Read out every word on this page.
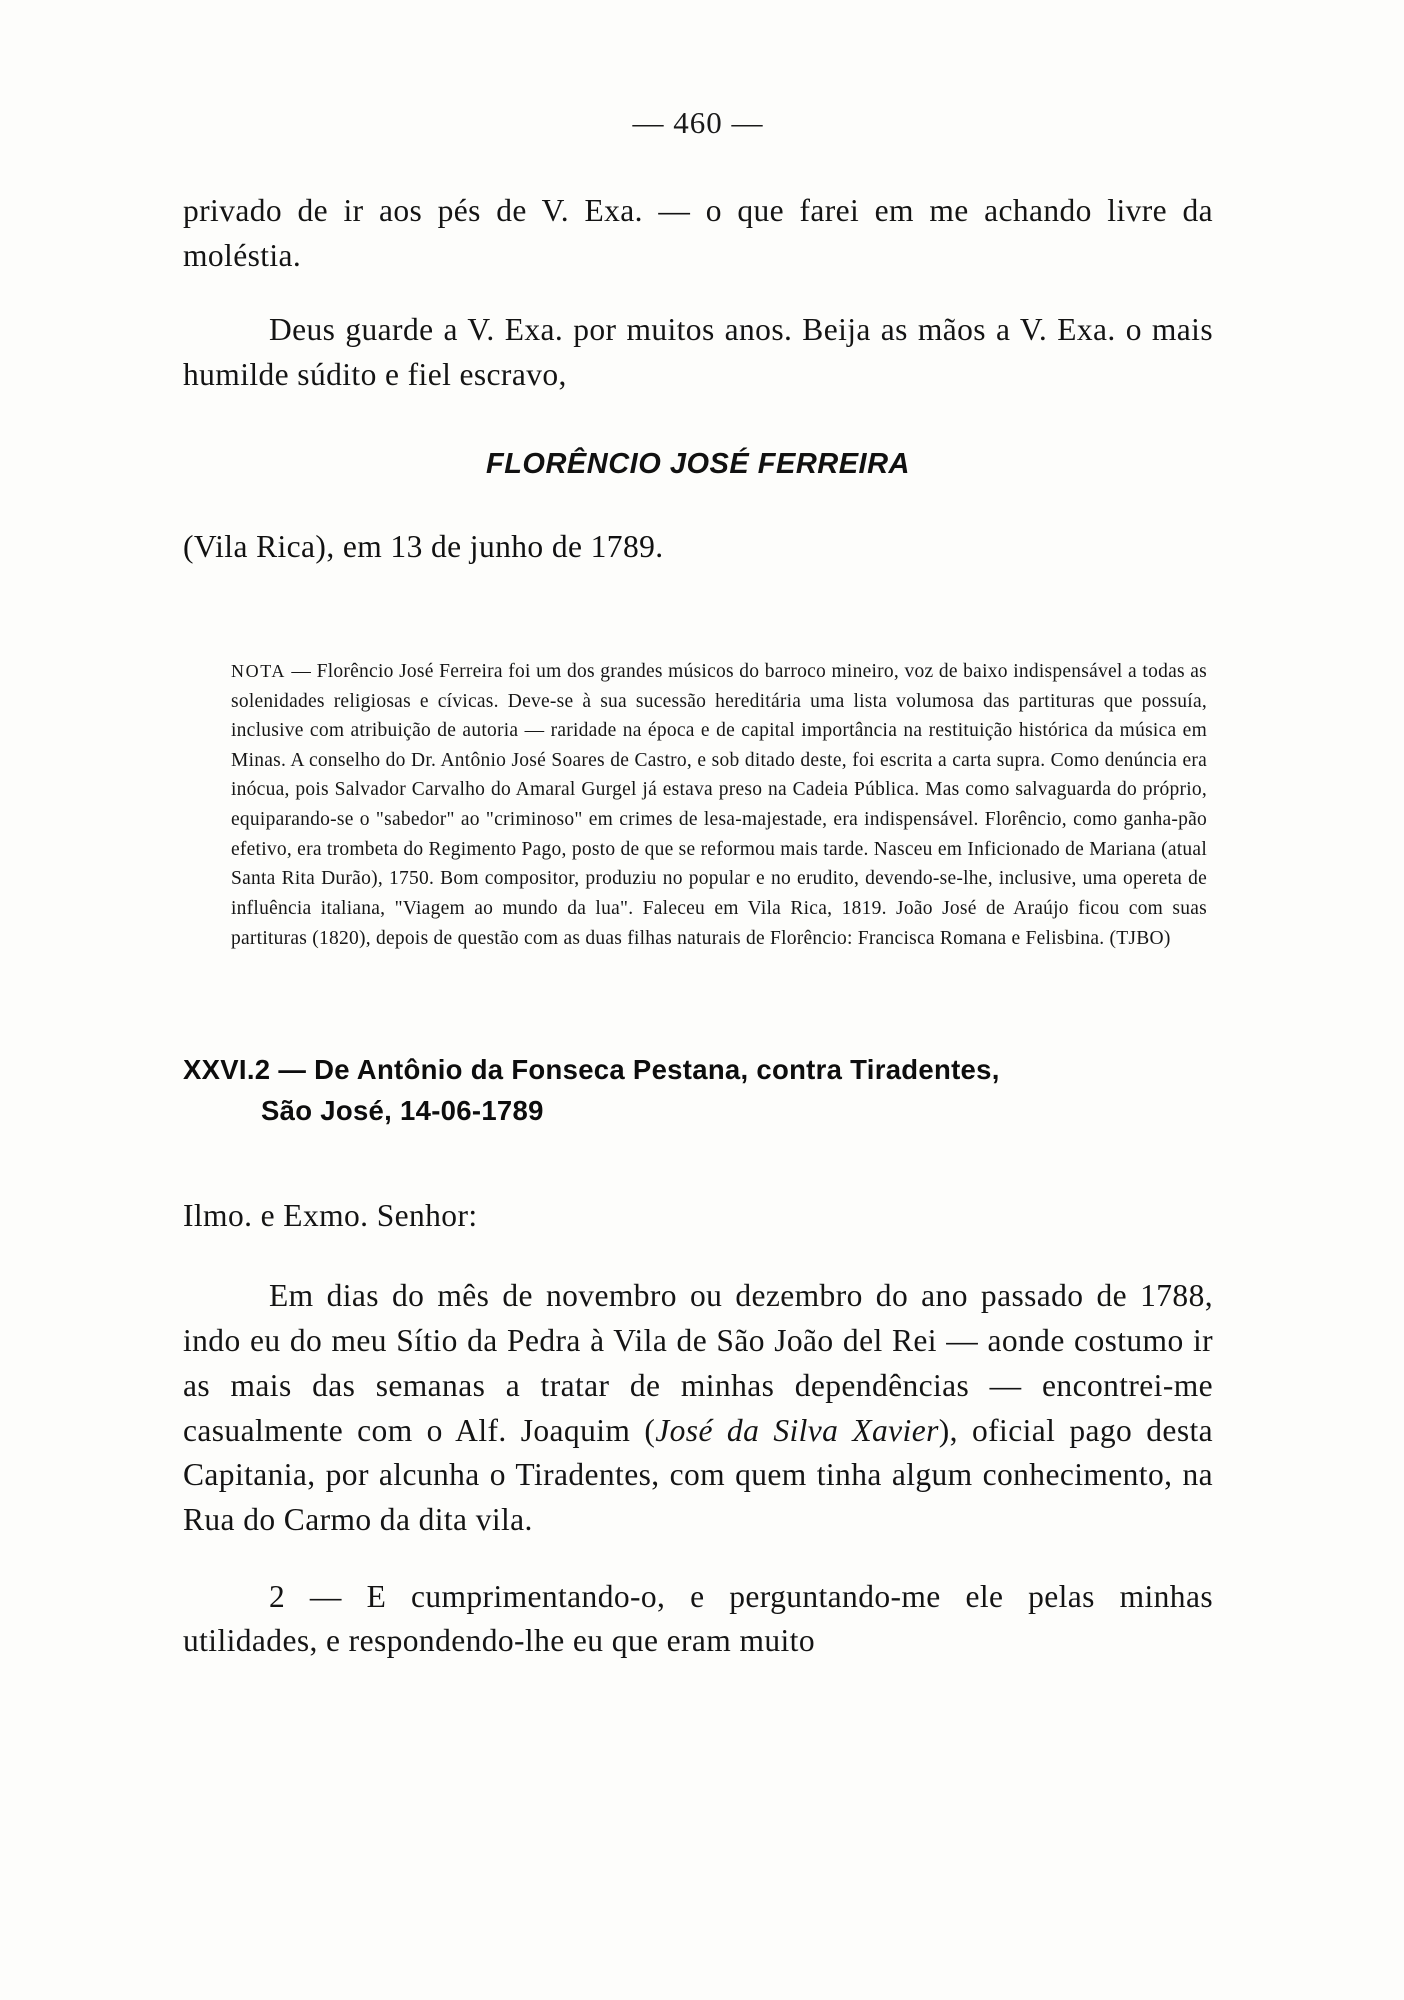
— 460 —
privado de ir aos pés de V. Exa. — o que farei em me achando livre da moléstia.
Deus guarde a V. Exa. por muitos anos. Beija as mãos a V. Exa. o mais humilde súdito e fiel escravo,
FLORÊNCIO JOSÉ FERREIRA
(Vila Rica), em 13 de junho de 1789.
NOTA — Florêncio José Ferreira foi um dos grandes músicos do barroco mineiro, voz de baixo indispensável a todas as solenidades religiosas e cívicas. Deve-se à sua sucessão hereditária uma lista volumosa das partituras que possuía, inclusive com atribuição de autoria — raridade na época e de capital importância na restituição histórica da música em Minas. A conselho do Dr. Antônio José Soares de Castro, e sob ditado deste, foi escrita a carta supra. Como denúncia era inócua, pois Salvador Carvalho do Amaral Gurgel já estava preso na Cadeia Pública. Mas como salvaguarda do próprio, equiparando-se o "sabedor" ao "criminoso" em crimes de lesa-majestade, era indispensável. Florêncio, como ganha-pão efetivo, era trombeta do Regimento Pago, posto de que se reformou mais tarde. Nasceu em Inficionado de Mariana (atual Santa Rita Durão), 1750. Bom compositor, produziu no popular e no erudito, devendo-se-lhe, inclusive, uma opereta de influência italiana, "Viagem ao mundo da lua". Faleceu em Vila Rica, 1819. João José de Araújo ficou com suas partituras (1820), depois de questão com as duas filhas naturais de Florêncio: Francisca Romana e Felisbina. (TJBO)
XXVI.2 — De Antônio da Fonseca Pestana, contra Tiradentes,
São José, 14-06-1789
Ilmo. e Exmo. Senhor:
Em dias do mês de novembro ou dezembro do ano passado de 1788, indo eu do meu Sítio da Pedra à Vila de São João del Rei — aonde costumo ir as mais das semanas a tratar de minhas dependências — encontrei-me casualmente com o Alf. Joaquim (José da Silva Xavier), oficial pago desta Capitania, por alcunha o Tiradentes, com quem tinha algum conhecimento, na Rua do Carmo da dita vila.
2 — E cumprimentando-o, e perguntando-me ele pelas minhas utilidades, e respondendo-lhe eu que eram muito
